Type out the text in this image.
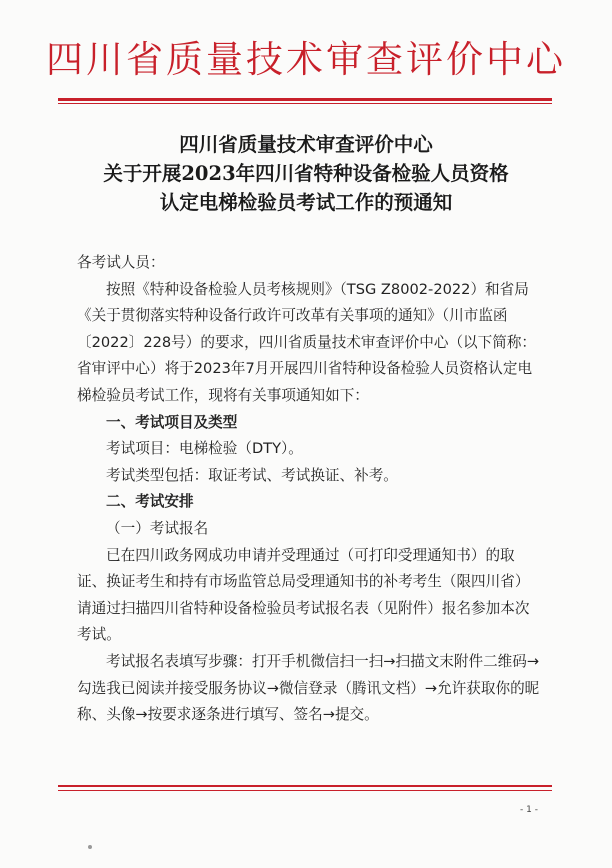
四川省质量技术审查评价中心
四川省质量技术审查评价中心
关于开展2023年四川省特种设备检验人员资格
认定电梯检验员考试工作的预通知

各考试人员：

按照《特种设备检验人员考核规则》（TSG Z8002-2022）和省局《关于贯彻落实特种设备行政许可改革有关事项的通知》（川市监函〔2022〕228号）的要求，四川省质量技术审查评价中心（以下简称：省审评中心）将于2023年7月开展四川省特种设备检验人员资格认定电梯检验员考试工作，现将有关事项通知如下：

一、考试项目及类型

考试项目：电梯检验（DTY）。

考试类型包括：取证考试、考试换证、补考。

二、考试安排

（一）考试报名

已在四川政务网成功申请并受理通过（可打印受理通知书）的取证、换证考生和持有市场监管总局受理通知书的补考考生（限四川省）请通过扫描四川省特种设备检验员考试报名表（见附件）报名参加本次考试。

考试报名表填写步骤：打开手机微信扫一扫→扫描文末附件二维码→勾选我已阅读并接受服务协议→微信登录（腾讯文档）→允许获取你的昵称、头像→按要求逐条进行填写、签名→提交。

- 1 -
